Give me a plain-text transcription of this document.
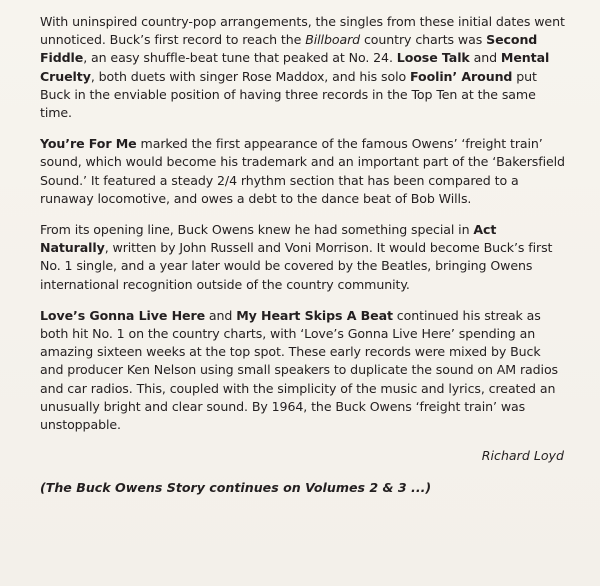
With uninspired country-pop arrangements, the singles from these initial dates went unnoticed. Buck’s first record to reach the Billboard country charts was Second Fiddle, an easy shuffle-beat tune that peaked at No. 24. Loose Talk and Mental Cruelty, both duets with singer Rose Maddox, and his solo Foolin’ Around put Buck in the enviable position of having three records in the Top Ten at the same time.

You’re For Me marked the first appearance of the famous Owens’ ‘freight train’ sound, which would become his trademark and an important part of the ‘Bakersfield Sound.’ It featured a steady 2/4 rhythm section that has been compared to a runaway locomotive, and owes a debt to the dance beat of Bob Wills.

From its opening line, Buck Owens knew he had something special in Act Naturally, written by John Russell and Voni Morrison. It would become Buck’s first No. 1 single, and a year later would be covered by the Beatles, bringing Owens international recognition outside of the country community.

Love’s Gonna Live Here and My Heart Skips A Beat continued his streak as both hit No. 1 on the country charts, with ‘Love’s Gonna Live Here’ spending an amazing sixteen weeks at the top spot. These early records were mixed by Buck and producer Ken Nelson using small speakers to duplicate the sound on AM radios and car radios. This, coupled with the simplicity of the music and lyrics, created an unusually bright and clear sound. By 1964, the Buck Owens ‘freight train’ was unstoppable.

Richard Loyd
(The Buck Owens Story continues on Volumes 2 & 3 ...)
